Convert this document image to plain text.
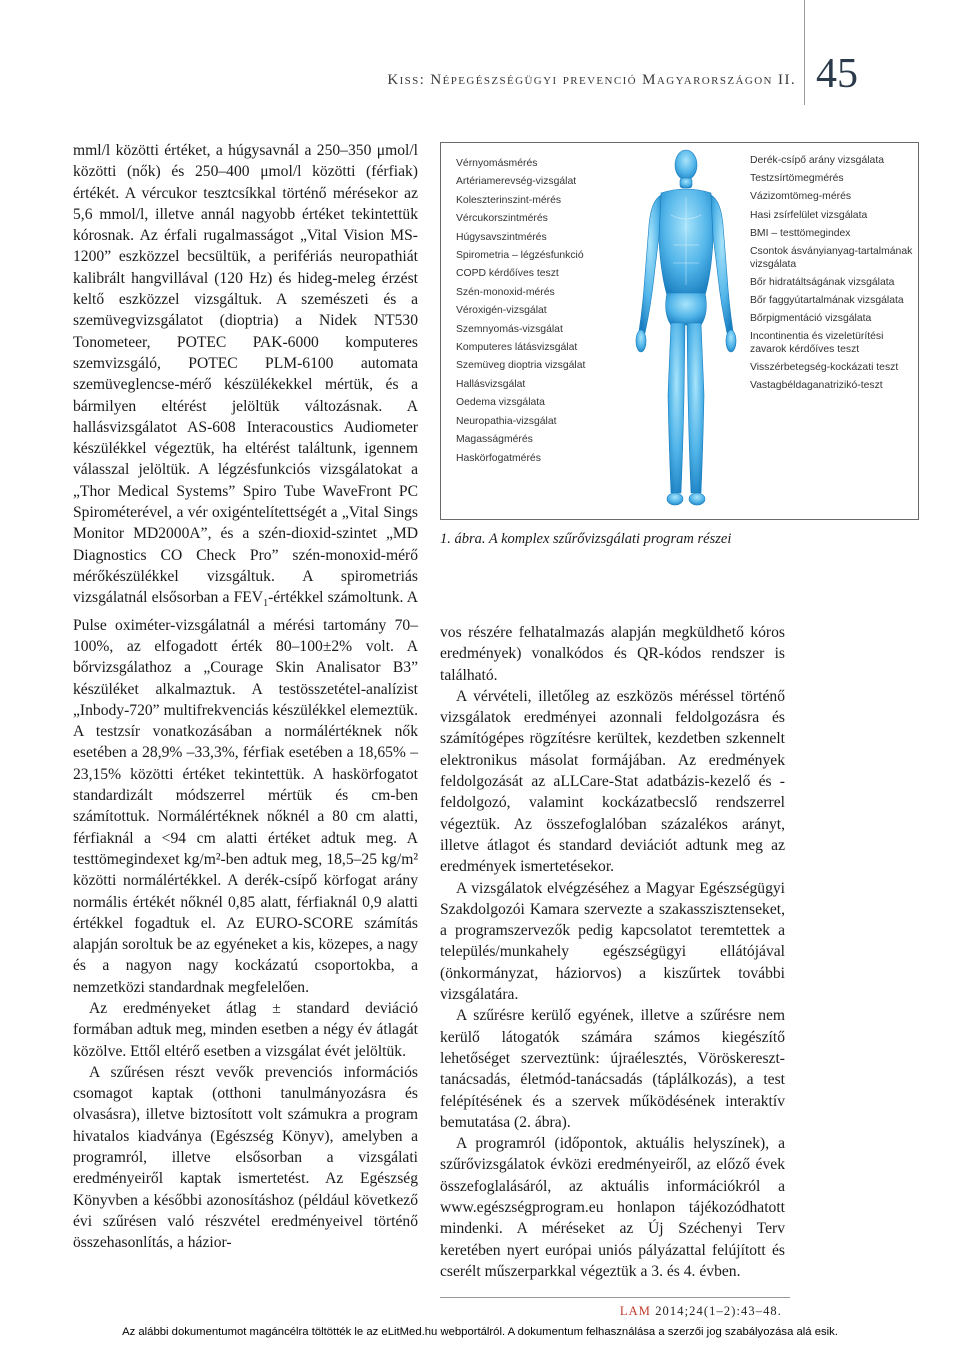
Kiss: Népegészségügyi prevenció Magyarországon II. 45

mml/l közötti értéket, a húgysavnál a 250–350 μmol/l közötti (nők) és 250–400 μmol/l közötti (férfiak) értékét. A vércukor tesztcsíkkal történő mérésekor az 5,6 mmol/l, illetve annál nagyobb értéket tekintettük kórosnak. Az érfali rugalmasságot „Vital Vision MS-1200” eszközzel becsültük, a perifériás neuropathiát kalibrált hangvillával (120 Hz) és hideg-meleg érzést keltő eszközzel vizsgáltuk. A szemészeti és a szemüvegvizsgálatot (dioptria) a Nidek NT530 Tonometeer, POTEC PAK-6000 komputeres szemvizsgáló, POTEC PLM-6100 automata szemüveglencse-mérő készülékekkel mértük, és a bármilyen eltérést jelöltük változásnak. A hallásvizsgálatot AS-608 Interacoustics Audiometer készülékkel végeztük, ha eltérést találtunk, igennem válasszal jelöltük. A légzésfunkciós vizsgálatokat a „Thor Medical Systems” Spiro Tube WaveFront PC Spirométerével, a vér oxigéntelítettségét a „Vital Sings Monitor MD2000A”, és a szén-dioxid-szintet „MD Diagnostics CO Check Pro” szén-monoxid-mérő mérőkészülékkel vizsgáltuk. A spirometriás vizsgálatnál elsősorban a $FEV_1$-értékkel számoltunk. A Pulse oximéter-vizsgálatnál a mérési tartomány 70–100%, az elfogadott érték 80–100±2% volt. A bőrvizsgálathoz a „Courage Skin Analisator B3” készüléket alkalmaztuk. A testösszetétel-analízist „Inbody-720” multifrekvenciás készülékkel elemeztük. A testzsír vonatkozásában a normálértéknek nők esetében a 28,9% –33,3%, férfiak esetében a 18,65% –23,15% közötti értéket tekintettük. A haskörfogatot standardizált módszerrel mértük és cm-ben számítottuk. Normálértéknek nőknél a 80 cm alatti, férfiaknál a <94 cm alatti értéket adtuk meg. A testtömegindexet kg/m²-ben adtuk meg, 18,5–25 kg/m² közötti normálértékkel. A derék-csípő körfogat arány normális értékét nőknél 0,85 alatt, férfiaknál 0,9 alatti értékkel fogadtuk el. Az EURO-SCORE számítás alapján soroltuk be az egyéneket a kis, közepes, a nagy és a nagyon nagy kockázatú csoportokba, a nemzetközi standardnak megfelelően.

Az eredményeket átlag ± standard deviáció formában adtuk meg, minden esetben a négy év átlagát közölve. Ettől eltérő esetben a vizsgálat évét jelöltük.

A szűrésen részt vevők prevenciós információs csomagot kaptak (otthoni tanulmányozásra és olvasásra), illetve biztosított volt számukra a program hivatalos kiadványa (Egészség Könyv), amelyben a programról, illetve elsősorban a vizsgálati eredményeiről kaptak ismertetést. Az Egészség Könyvben a későbbi azonosításhoz (például következő évi szűrésen való részvétel eredményeivel történő összehasonlítás, a házior-

Vérnyomásmérés
Artériamerevség-vizsgálat
Koleszterinszint-mérés
Vércukorszintmérés
Húgysavszintmérés
Spirometria – légzésfunkció
COPD kérdőíves teszt
Szén-monoxid-mérés
Véroxigén-vizsgálat
Szemnyomás-vizsgálat
Komputeres látásvizsgálat
Szemüveg dioptria vizsgálat
Hallásvizsgálat
Oedema vizsgálata
Neuropathia-vizsgálat
Magasságmérés
Haskörfogatmérés
Derék-csípő arány vizsgálata
Testzsírtömegmérés
Vázizomtömeg-mérés
Hasi zsírfelület vizsgálata
BMI – testtömegindex
Csontok ásványianyag-tartalmának vizsgálata
Bőr hidratáltságának vizsgálata
Bőr faggyútartalmának vizsgálata
Bőrpigmentáció vizsgálata
Incontinentia és vizeletürítési zavarok kérdőíves teszt
Visszérbetegség-kockázati teszt
Vastagbéldaganatrizikó-teszt
1. ábra. A komplex szűrővizsgálati program részei

vos részére felhatalmazás alapján megküldhető kóros eredmények) vonalkódos és QR-kódos rendszer is található.

A vérvételi, illetőleg az eszközös méréssel történő vizsgálatok eredményei azonnali feldolgozásra és számítógépes rögzítésre kerültek, kezdetben szkennelt elektronikus másolat formájában. Az eredmények feldolgozását az aLLCare-Stat adatbázis-kezelő és -feldolgozó, valamint kockázatbecslő rendszerrel végeztük. Az összefoglalóban százalékos arányt, illetve átlagot és standard deviációt adtunk meg az eredmények ismertetésekor.

A vizsgálatok elvégzéséhez a Magyar Egészségügyi Szakdolgozói Kamara szervezte a szakasszisztenseket, a programszervezők pedig kapcsolatot teremtettek a település/munkahely egészségügyi ellátójával (önkormányzat, háziorvos) a kiszűrtek további vizsgálatára.

A szűrésre kerülő egyének, illetve a szűrésre nem kerülő látogatók számára számos kiegészítő lehetőséget szerveztünk: újraélesztés, Vöröskereszt-tanácsadás, életmód-tanácsadás (táplálkozás), a test felépítésének és a szervek működésének interaktív bemutatása (2. ábra).

A programról (időpontok, aktuális helyszínek), a szűrővizsgálatok évközi eredményeiről, az előző évek összefoglalásáról, az aktuális információkról a www.egészségprogram.eu honlapon tájékozódhatott mindenki. A méréseket az Új Széchenyi Terv keretében nyert európai uniós pályázattal felújított és cserélt műszerparkkal végeztük a 3. és 4. évben.

LAM 2014;24(1–2):43–48.
Az alábbi dokumentumot magáncélra töltötték le az eLitMed.hu webportálról. A dokumentum felhasználása a szerzői jog szabályozása alá esik.
